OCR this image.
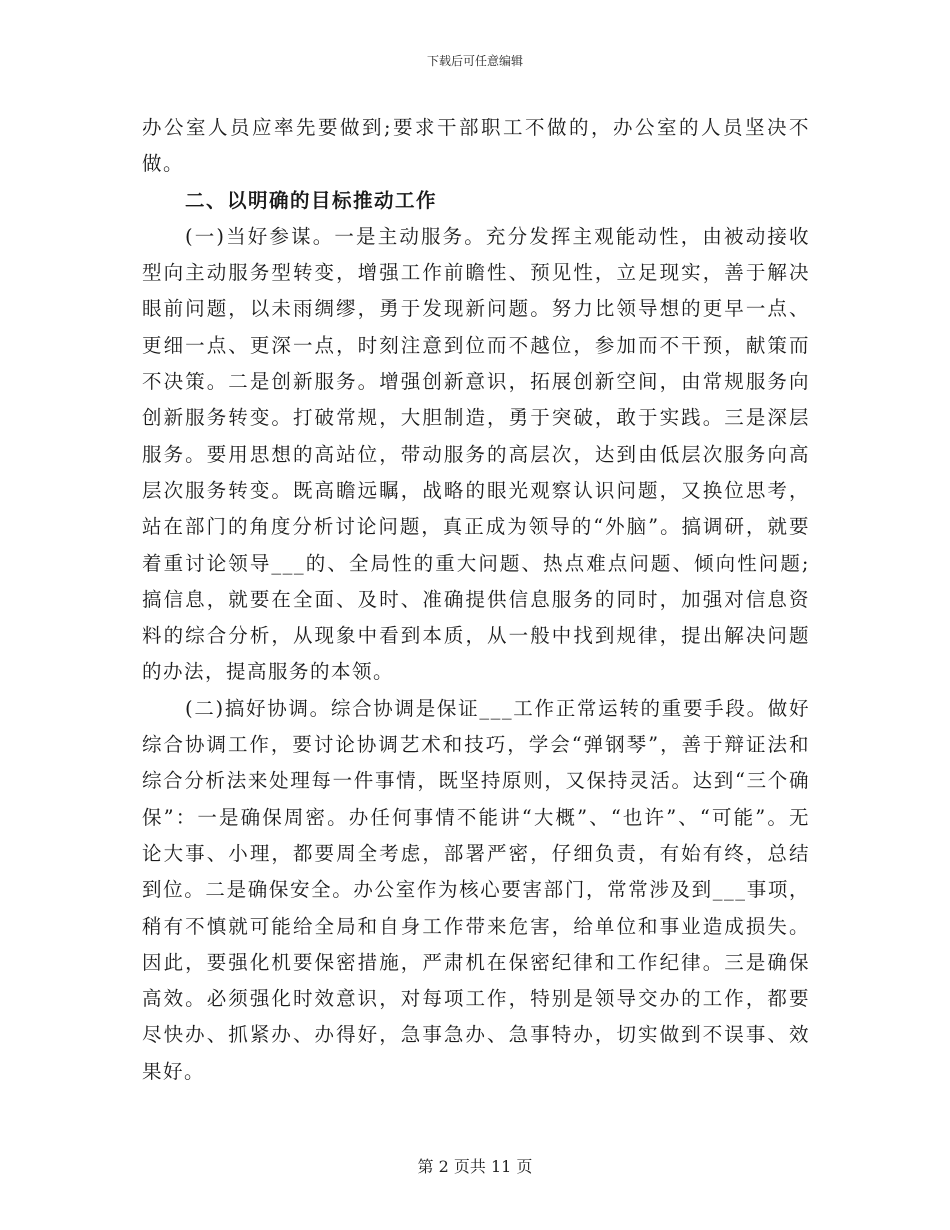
下载后可任意编辑

办公室人员应率先要做到;要求干部职工不做的，办公室的人员坚决不做。

二、以明确的目标推动工作

(一)当好参谋。一是主动服务。充分发挥主观能动性，由被动接收型向主动服务型转变，增强工作前瞻性、预见性，立足现实，善于解决眼前问题，以未雨绸缪，勇于发现新问题。努力比领导想的更早一点、更细一点、更深一点，时刻注意到位而不越位，参加而不干预，献策而不决策。二是创新服务。增强创新意识，拓展创新空间，由常规服务向创新服务转变。打破常规，大胆制造，勇于突破，敢于实践。三是深层服务。要用思想的高站位，带动服务的高层次，达到由低层次服务向高层次服务转变。既高瞻远瞩，战略的眼光观察认识问题，又换位思考，站在部门的角度分析讨论问题，真正成为领导的“外脑”。搞调研，就要着重讨论领导___的、全局性的重大问题、热点难点问题、倾向性问题;搞信息，就要在全面、及时、准确提供信息服务的同时，加强对信息资料的综合分析，从现象中看到本质，从一般中找到规律，提出解决问题的办法，提高服务的本领。

(二)搞好协调。综合协调是保证___工作正常运转的重要手段。做好综合协调工作，要讨论协调艺术和技巧，学会“弹钢琴”，善于辩证法和综合分析法来处理每一件事情，既坚持原则，又保持灵活。达到“三个确保”：一是确保周密。办任何事情不能讲“大概”、“也许”、“可能”。无论大事、小理，都要周全考虑，部署严密，仔细负责，有始有终，总结到位。二是确保安全。办公室作为核心要害部门，常常涉及到___事项，稍有不慎就可能给全局和自身工作带来危害，给单位和事业造成损失。因此，要强化机要保密措施，严肃机在保密纪律和工作纪律。三是确保高效。必须强化时效意识，对每项工作，特别是领导交办的工作，都要尽快办、抓紧办、办得好，急事急办、急事特办，切实做到不误事、效果好。

第 2 页共 11 页
